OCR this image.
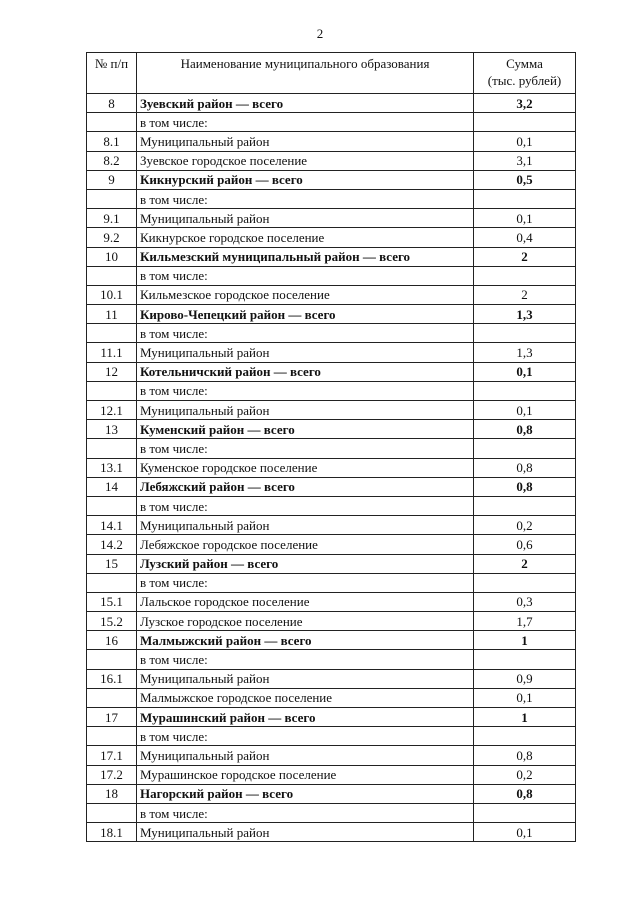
2
№ п/п	Наименование муниципального образования	Сумма
(тыс. рублей)

8	Зуевский район — всего	3,2
	в том числе:	
8.1	Муниципальный район	0,1
8.2	Зуевское городское поселение	3,1
9	Кикнурский район — всего	0,5
	в том числе:	
9.1	Муниципальный район	0,1
9.2	Кикнурское городское поселение	0,4
10	Кильмезский муниципальный район — всего	2
	в том числе:	
10.1	Кильмезское городское поселение	2
11	Кирово-Чепецкий район — всего	1,3
	в том числе:	
11.1	Муниципальный район	1,3
12	Котельничский район — всего	0,1
	в том числе:	
12.1	Муниципальный район	0,1
13	Куменский район — всего	0,8
	в том числе:	
13.1	Куменское городское поселение	0,8
14	Лебяжский район — всего	0,8
	в том числе:	
14.1	Муниципальный район	0,2
14.2	Лебяжское городское поселение	0,6
15	Лузский район — всего	2
	в том числе:	
15.1	Лальское городское поселение	0,3
15.2	Лузское городское поселение	1,7
16	Малмыжский район — всего	1
	в том числе:	
16.1	Муниципальный район	0,9
	Малмыжское городское поселение	0,1
17	Мурашинский район — всего	1
	в том числе:	
17.1	Муниципальный район	0,8
17.2	Мурашинское городское поселение	0,2
18	Нагорский район — всего	0,8
	в том числе:	
18.1	Муниципальный район	0,1
